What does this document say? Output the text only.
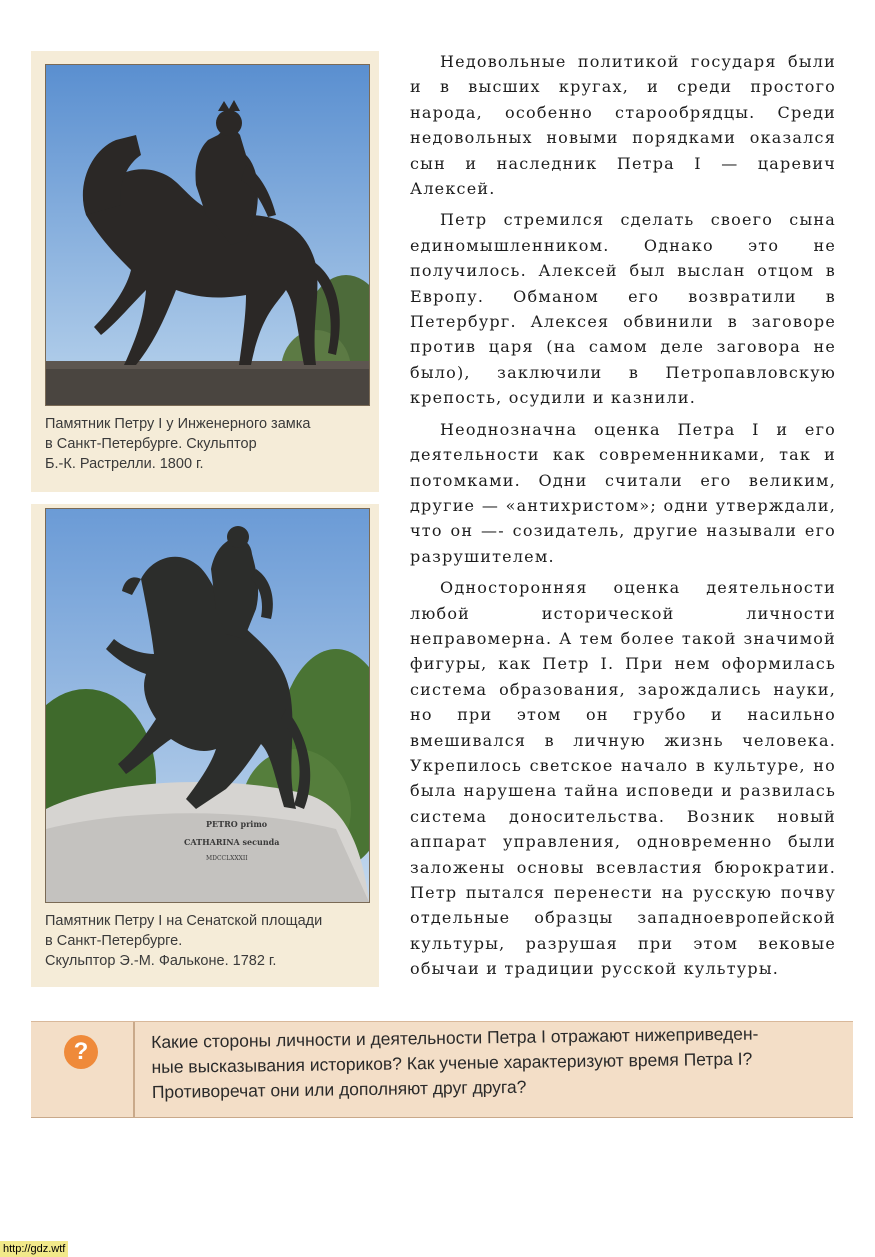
Памятник Петру I у Инженерного замка
в Санкт-Петербурге. Скульптор
Б.-К. Растрелли. 1800 г.
PETRO primo
CATHARINA secunda
MDCCLXXXII
Памятник Петру I на Сенатской площади
в Санкт-Петербурге.
Скульптор Э.-М. Фальконе. 1782 г.

Недовольные политикой государя были и в высших кругах, и среди простого народа, особенно старообрядцы. Среди недовольных новыми порядками оказался сын и наследник Петра I — царевич Алексей.

Петр стремился сделать своего сына единомышленником. Однако это не получилось. Алексей был выслан отцом в Европу. Обманом его возвратили в Петербург. Алексея обвинили в заговоре против царя (на самом деле заговора не было), заключили в Петропавловскую крепость, осудили и казнили.

Неоднозначна оценка Петра I и его деятельности как современниками, так и потомками. Одни считали его великим, другие — «антихристом»; одни утверждали, что он —- созидатель, другие называли его разрушителем.

Односторонняя оценка деятельности любой исторической личности неправомерна. А тем более такой значимой фигуры, как Петр I. При нем оформилась система образования, зарождались науки, но при этом он грубо и насильно вмешивался в личную жизнь человека. Укрепилось светское начало в культуре, но была нарушена тайна исповеди и развилась система доносительства. Возник новый аппарат управления, одновременно были заложены основы всевластия бюрократии. Петр пытался перенести на русскую почву отдельные образцы западноевропейской культуры, разрушая при этом вековые обычаи и традиции русской культуры.

?	Какие стороны личности и деятельности Петра I отражают нижеприведен-
ные высказывания историков? Как ученые характеризуют время Петра I?
Противоречат они или дополняют друг друга?
http://gdz.wtf
